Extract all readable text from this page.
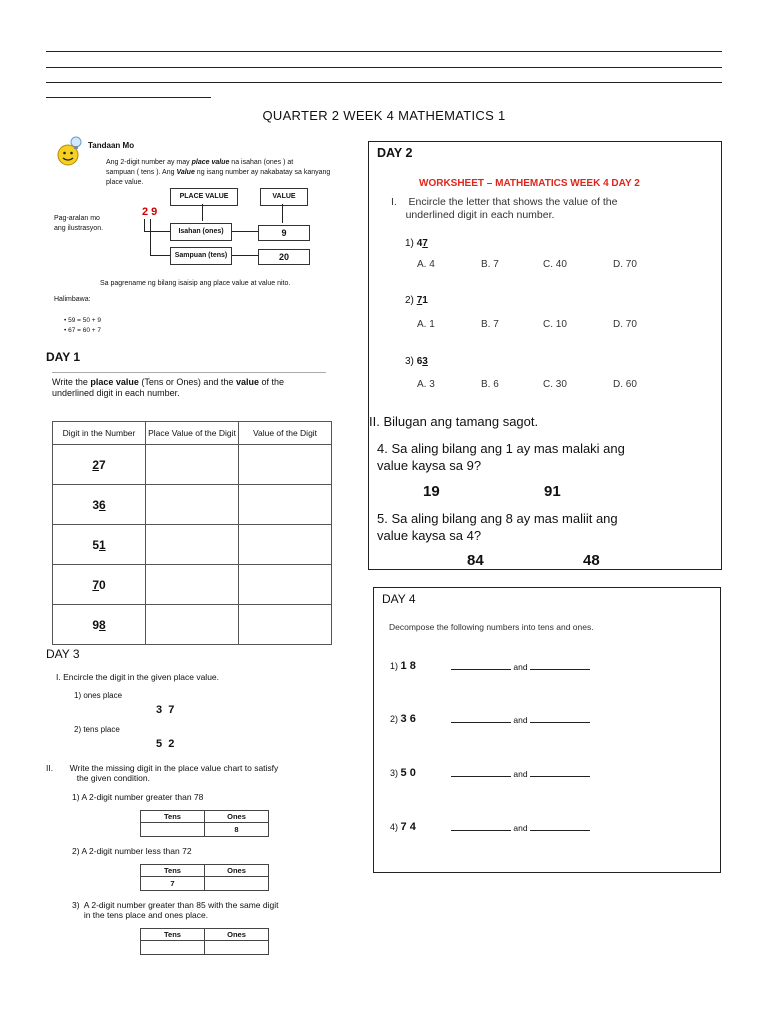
QUARTER 2 WEEK 4 MATHEMATICS 1
Tandaan Mo
Ang 2-digit number ay may place value na isahan (ones ) at
sampuan ( tens ). Ang Value ng isang number ay nakabatay sa kanyang
place value.
PLACE VALUE	VALUE
2 9
Pag-aralan mo
ang ilustrasyon.	Isahan (ones)
Sampuan (tens)
9
20
Sa pagrename ng bilang isaisip ang place value at value nito.
Halimbawa:
• 59 = 50 + 9
• 67 = 60 + 7
DAY 1
Write the place value (Tens or Ones) and the value of the
underlined digit in each number.
Digit in the Number	Place Value of the Digit	Value of the Digit
27		
36		
51		
70		
98		
DAY 3
I. Encircle the digit in the given place value.
1) ones place
3  7
2) tens place
5  2
II.       Write the missing digit in the place value chart to satisfy
the given condition.
1) A 2-digit number greater than 78
Tens	Ones
	8
2) A 2-digit number less than 72
Tens	Ones
7	
3)  A 2-digit number greater than 85 with the same digit
in the tens place and ones place.
Tens	Ones

DAY 2
WORKSHEET – MATHEMATICS WEEK 4 DAY 2
I.    Encircle the letter that shows the value of the
underlined digit in each number.
1) 47
A. 4	B. 7	C. 40	D. 70
2) 71
A. 1	B. 7	C. 10	D. 70
3) 63
A. 3	B. 6	C. 30	D. 60
II. Bilugan ang tamang sagot.
4. Sa aling bilang ang 1 ay mas malaki ang
value kaysa sa 9?
19	91
5. Sa aling bilang ang 8 ay mas maliit ang
value kaysa sa 4?
84	48
DAY 4
Decompose the following numbers into tens and ones.
1) 1 8	and
2) 3 6	and
3) 5 0	and
4) 7 4	and
